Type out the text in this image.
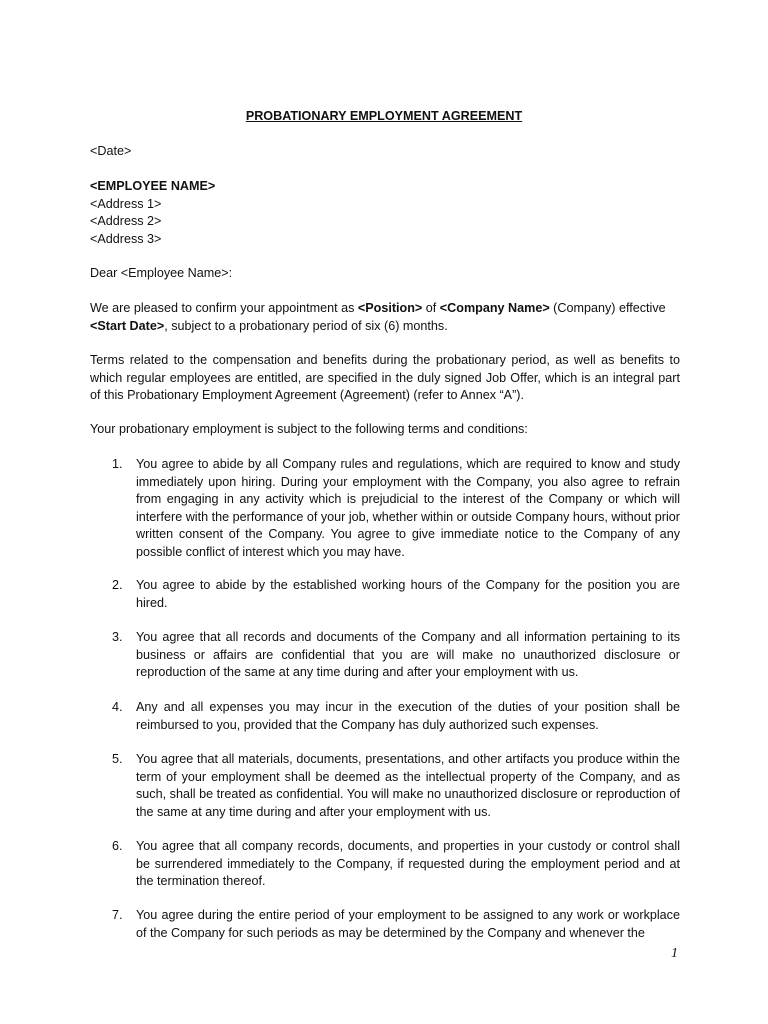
PROBATIONARY EMPLOYMENT AGREEMENT
<Date>
<EMPLOYEE NAME>
<Address 1>
<Address 2>
<Address 3>
Dear <Employee Name>:
We are pleased to confirm your appointment as <Position> of <Company Name> (Company) effective
<Start Date>, subject to a probationary period of six (6) months.
Terms related to the compensation and benefits during the probationary period, as well as benefits to which regular employees are entitled, are specified in the duly signed Job Offer, which is an integral part of this Probationary Employment Agreement (Agreement) (refer to Annex “A”).
Your probationary employment is subject to the following terms and conditions:
1. You agree to abide by all Company rules and regulations, which are required to know and study immediately upon hiring. During your employment with the Company, you also agree to refrain from engaging in any activity which is prejudicial to the interest of the Company or which will interfere with the performance of your job, whether within or outside Company hours, without prior written consent of the Company. You agree to give immediate notice to the Company of any possible conflict of interest which you may have.
2. You agree to abide by the established working hours of the Company for the position you are hired.
3. You agree that all records and documents of the Company and all information pertaining to its business or affairs are confidential that you are will make no unauthorized disclosure or reproduction of the same at any time during and after your employment with us.
4. Any and all expenses you may incur in the execution of the duties of your position shall be reimbursed to you, provided that the Company has duly authorized such expenses.
5. You agree that all materials, documents, presentations, and other artifacts you produce within the term of your employment shall be deemed as the intellectual property of the Company, and as such, shall be treated as confidential. You will make no unauthorized disclosure or reproduction of the same at any time during and after your employment with us.
6. You agree that all company records, documents, and properties in your custody or control shall be surrendered immediately to the Company, if requested during the employment period and at the termination thereof.
7. You agree during the entire period of your employment to be assigned to any work or workplace of the Company for such periods as may be determined by the Company and whenever the
1
